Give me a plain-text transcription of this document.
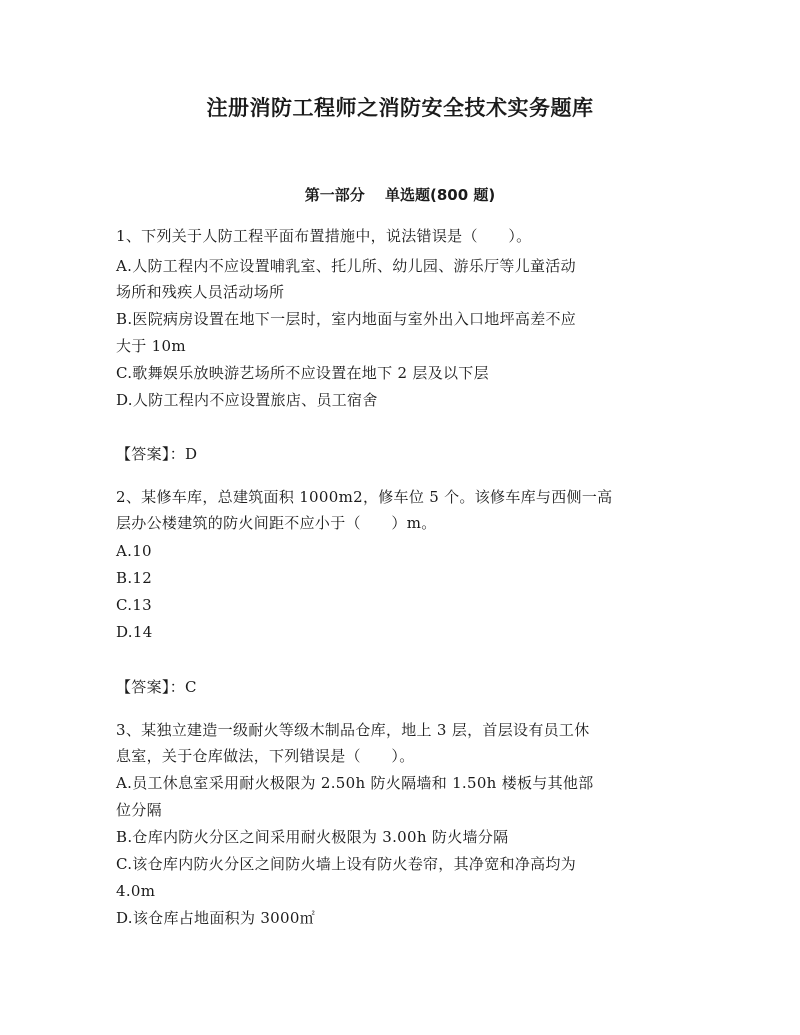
注册消防工程师之消防安全技术实务题库
第一部分　 单选题(800 题)
1、下列关于人防工程平面布置措施中，说法错误是（　　）。
A.人防工程内不应设置哺乳室、托儿所、幼儿园、游乐厅等儿童活动
场所和残疾人员活动场所
B.医院病房设置在地下一层时，室内地面与室外出入口地坪高差不应
大于 10m
C.歌舞娱乐放映游艺场所不应设置在地下 2 层及以下层
D.人防工程内不应设置旅店、员工宿舍
【答案】：D
2、某修车库，总建筑面积 1000m2，修车位 5 个。该修车库与西侧一高
层办公楼建筑的防火间距不应小于（　　）m。
A.10
B.12
C.13
D.14
【答案】：C
3、某独立建造一级耐火等级木制品仓库，地上 3 层，首层设有员工休
息室，关于仓库做法，下列错误是（　　）。
A.员工休息室采用耐火极限为 2.50h 防火隔墙和 1.50h 楼板与其他部
位分隔
B.仓库内防火分区之间采用耐火极限为 3.00h 防火墙分隔
C.该仓库内防火分区之间防火墙上设有防火卷帘，其净宽和净高均为
4.0m
D.该仓库占地面积为 3000㎡
